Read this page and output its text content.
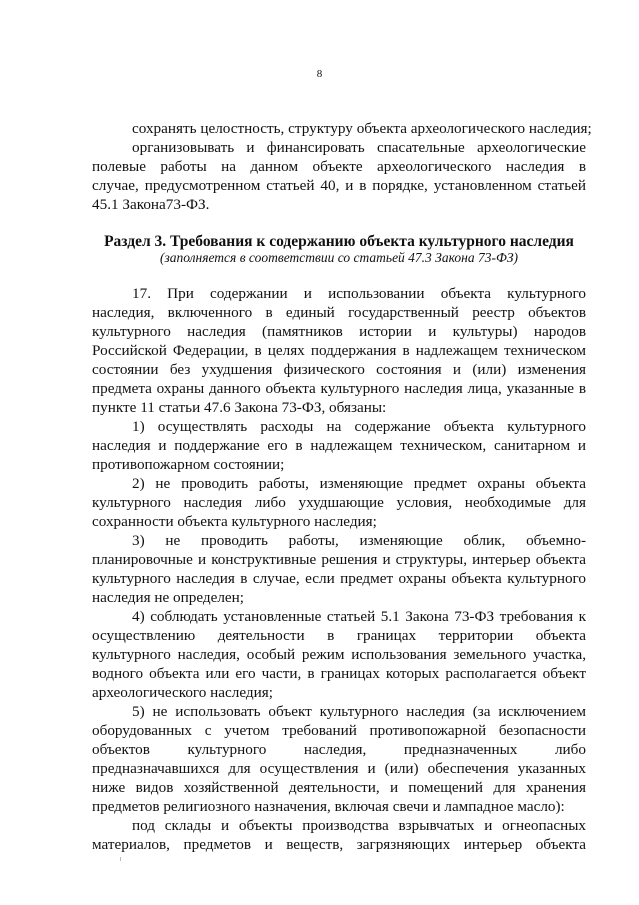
8
сохранять целостность, структуру объекта археологического наследия;
организовывать и финансировать спасательные археологические
полевые работы на данном объекте археологического наследия в
случае, предусмотренном статьей 40, и в порядке, установленном статьей
45.1 Закона73-ФЗ.
Раздел 3. Требования к содержанию объекта культурного наследия
(заполняется в соответствии со статьей 47.3 Закона 73-ФЗ)
17. При содержании и использовании объекта культурного
наследия, включенного в единый государственный реестр объектов
культурного наследия (памятников истории и культуры) народов
Российской Федерации, в целях поддержания в надлежащем техническом
состоянии без ухудшения физического состояния и (или) изменения
предмета охраны данного объекта культурного наследия лица, указанные в
пункте 11 статьи 47.6 Закона 73-ФЗ, обязаны:
1) осуществлять расходы на содержание объекта культурного
наследия и поддержание его в надлежащем техническом, санитарном и
противопожарном состоянии;
2) не проводить работы, изменяющие предмет охраны объекта
культурного наследия либо ухудшающие условия, необходимые для
сохранности объекта культурного наследия;
3) не проводить работы, изменяющие облик, объемно-
планировочные и конструктивные решения и структуры, интерьер объекта
культурного наследия в случае, если предмет охраны объекта культурного
наследия не определен;
4) соблюдать установленные статьей 5.1 Закона 73-ФЗ требования к
осуществлению деятельности в границах территории объекта
культурного наследия, особый режим использования земельного участка,
водного объекта или его части, в границах которых располагается объект
археологического наследия;
5) не использовать объект культурного наследия (за исключением
оборудованных с учетом требований противопожарной безопасности
объектов культурного наследия, предназначенных либо
предназначавшихся для осуществления и (или) обеспечения указанных
ниже видов хозяйственной деятельности, и помещений для хранения
предметов религиозного назначения, включая свечи и лампадное масло):
под склады и объекты производства взрывчатых и огнеопасных
материалов, предметов и веществ, загрязняющих интерьер объекта
